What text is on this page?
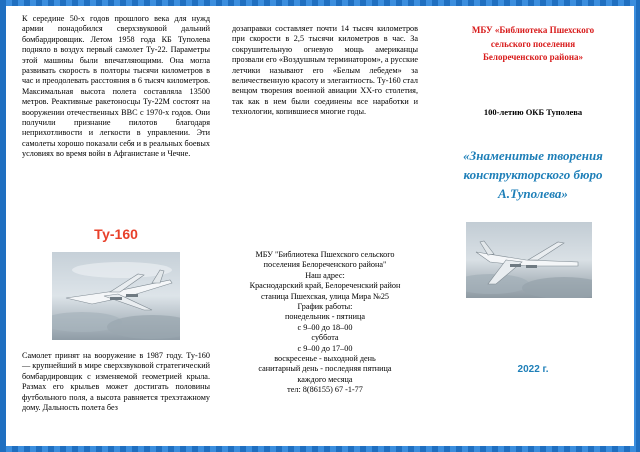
К середине 50-х годов прошлого века для нужд армии понадобился сверхзвуковой дальний бомбардировщик. Летом 1958 года КБ Туполева подняло в воздух первый самолет Ту-22. Параметры этой машины были впечатляющими. Она могла развивать скорость в полторы тысячи километров в час и преодолевать расстояния в 6 тысяч километров. Максимальная высота полета составляла 13500 метров. Реактивные ракетоносцы Ту-22М состоят на вооружении отечественных ВВС с 1970-х годов. Они получили признание пилотов благодаря неприхотливости и легкости в управлении. Эти самолеты хорошо показали себя и в реальных боевых условиях во время войн в Афганистане и Чечне.

Ту-160

Самолет принят на вооружение в 1987 году. Ту-160 — крупнейший в мире сверхзвуковой стратегический бомбардировщик с изменяемой геометрией крыла. Размах его крыльев может достигать половины футбольного поля, а высота равняется трехэтажному дому. Дальность полета без

дозаправки составляет почти 14 тысяч километров при скорости в 2,5 тысячи километров в час. За сокрушительную огневую мощь американцы прозвали его «Воздушным терминатором», а русские летчики называют его «Белым лебедем» за величественную красоту и элегантность. Ту-160 стал венцом творения военной авиации XX-го столетия, так как в нем были соединены все наработки и технологии, копившиеся многие годы.

МБУ "Библиотека Пшехского сельского
поселения Белореченского района"
Наш адрес:
Краснодарский край, Белореченский район
станица Пшехская, улица Мира №25
График работы:
понедельник - пятница
с 9–00 до 18–00
суббота
с 9–00 до 17–00
воскресенье - выходной день
санитарный день - последняя пятница
каждого месяца
тел: 8(86155) 67 -1-77
МБУ «Библиотека Пшехского
сельского поселения
Белореченского района»
100-летию ОКБ Туполева
«Знаменитые творения
конструкторского бюро
А.Туполева»
2022 г.
